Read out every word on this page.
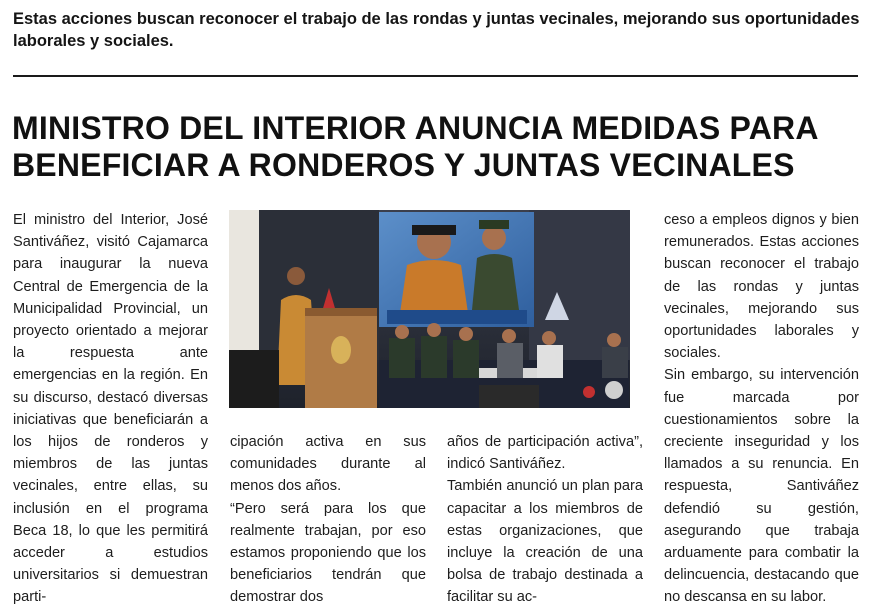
Estas acciones buscan reconocer el trabajo de las rondas y juntas vecinales, mejorando sus oportunidades laborales y sociales.
MINISTRO DEL INTERIOR ANUNCIA MEDIDAS PARA BENEFICIAR A RONDEROS Y JUNTAS VECINALES

El ministro del Interior, José Santiváñez, visitó Cajamarca para inaugurar la nueva Central de Emergencia de la Municipalidad Provincial, un proyecto orientado a mejorar la respuesta ante emergencias en la región. En su discurso, destacó diversas iniciativas que beneficiarán a los hijos de ronderos y miembros de las juntas vecinales, entre ellas, su inclusión en el programa Beca 18, lo que les permitirá acceder a estudios universitarios si demuestran parti-

cipación activa en sus comunidades durante al menos dos años.

“Pero será para los que realmente trabajan, por eso estamos proponiendo que los beneficiarios tendrán que demostrar dos

años de participación activa”, indicó Santiváñez.

También anunció un plan para capacitar a los miembros de estas organizaciones, que incluye la creación de una bolsa de trabajo destinada a facilitar su ac-

ceso a empleos dignos y bien remunerados. Estas acciones buscan reconocer el trabajo de las rondas y juntas vecinales, mejorando sus oportunidades laborales y sociales.

Sin embargo, su intervención fue marcada por cuestionamientos sobre la creciente inseguridad y los llamados a su renuncia. En respuesta, Santiváñez defendió su gestión, asegurando que trabaja arduamente para combatir la delincuencia, destacando que no descansa en su labor.
